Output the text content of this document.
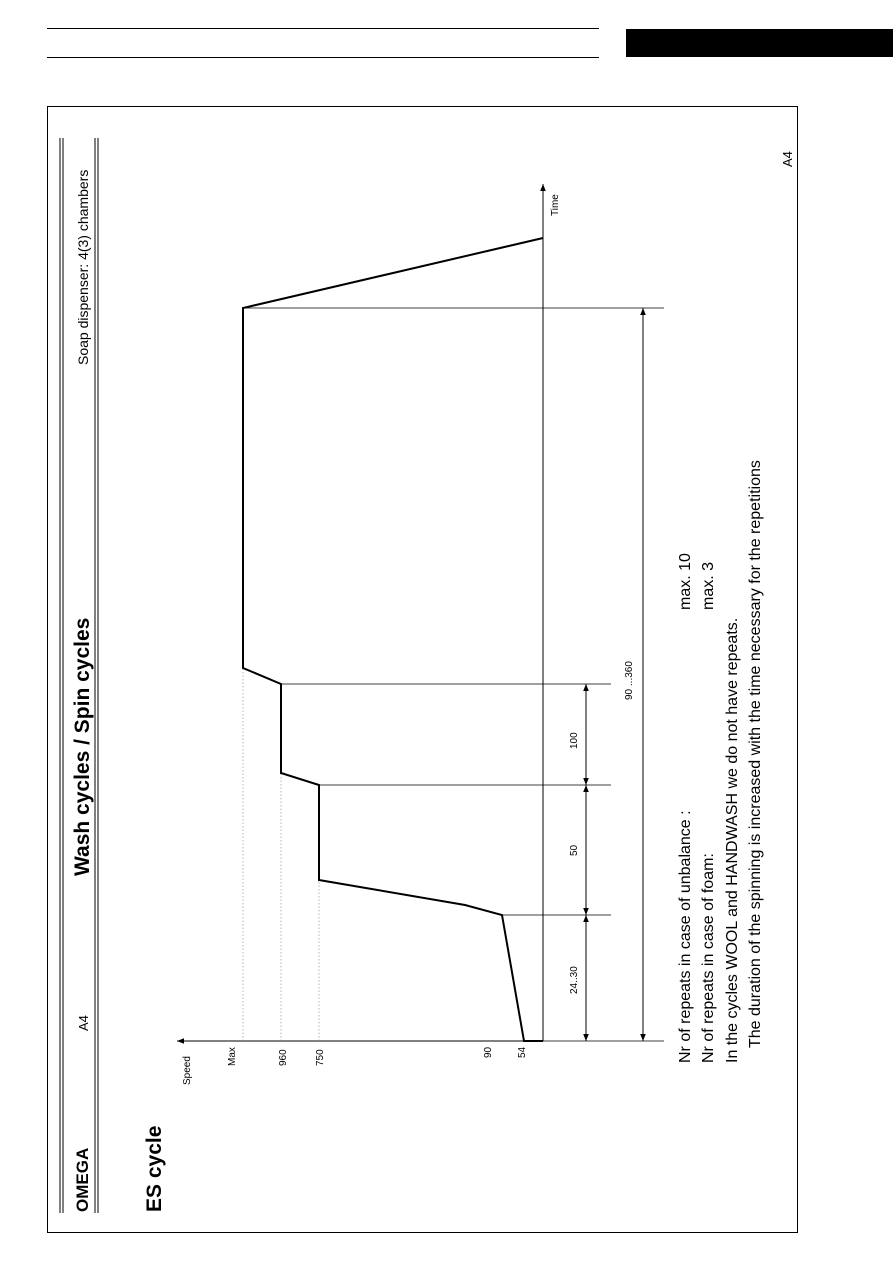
OMEGA
A4
Wash cycles / Spin cycles
Soap dispenser: 4(3) chambers
A4
ES cycle
Speed
Time
Max	960	750	90 54
24..30
50
100
90 ...360
Nr of repeats in case of unbalance :
max. 10
Nr of repeats in case of foam:
max. 3
In the cycles WOOL and HANDWASH we do not have repeats. The duration of the spinning is increased with the time necessary for the repetitions
